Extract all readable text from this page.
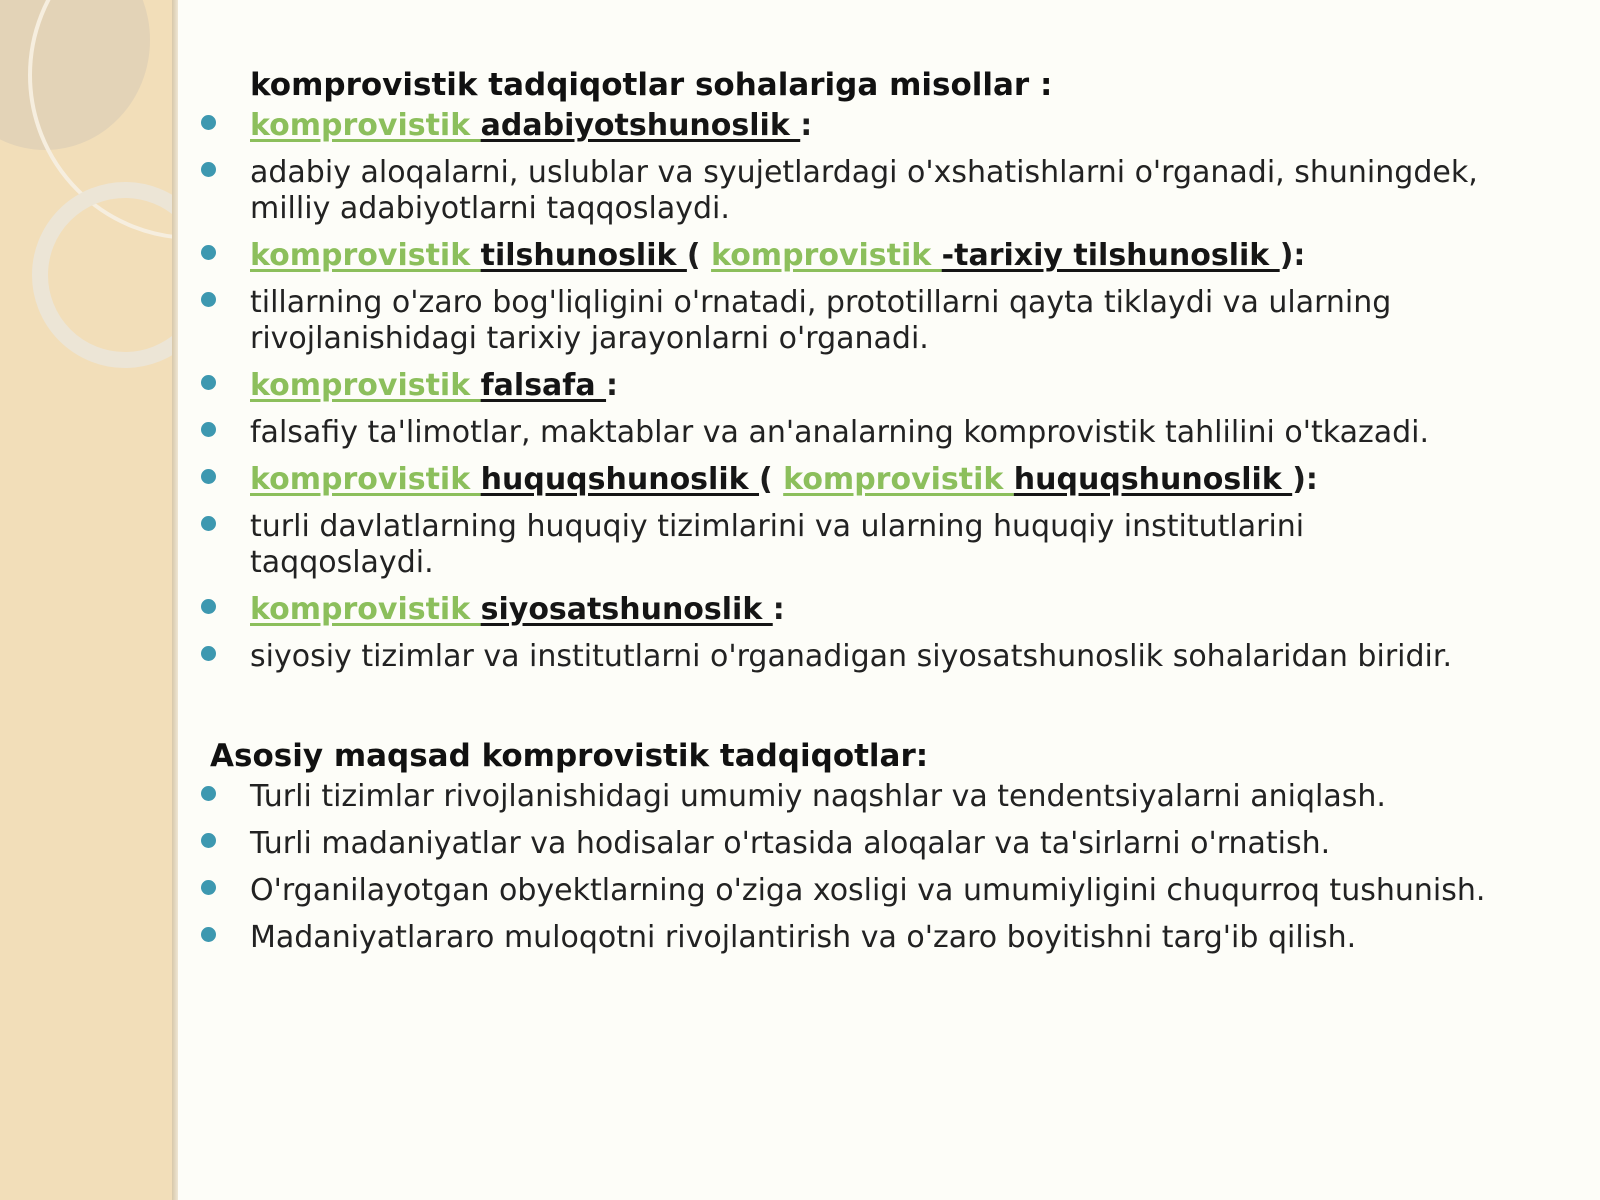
komprovistik tadqiqotlar sohalariga misollar :
komprovistik adabiyotshunoslik :
adabiy aloqalarni, uslublar va syujetlardagi o'xshatishlarni o'rganadi, shuningdek, milliy adabiyotlarni taqqoslaydi.
komprovistik tilshunoslik ( komprovistik -tarixiy tilshunoslik ):
tillarning o'zaro bog'liqligini o'rnatadi, prototillarni qayta tiklaydi va ularning rivojlanishidagi tarixiy jarayonlarni o'rganadi.
komprovistik falsafa :
falsafiy ta'limotlar, maktablar va an'analarning komprovistik tahlilini o'tkazadi.
komprovistik huquqshunoslik ( komprovistik huquqshunoslik ):
turli davlatlarning huquqiy tizimlarini va ularning huquqiy institutlarini taqqoslaydi.
komprovistik siyosatshunoslik :
siyosiy tizimlar va institutlarni o'rganadigan siyosatshunoslik sohalaridan biridir.
Asosiy maqsad komprovistik tadqiqotlar:
Turli tizimlar rivojlanishidagi umumiy naqshlar va tendentsiyalarni aniqlash.
Turli madaniyatlar va hodisalar o'rtasida aloqalar va ta'sirlarni o'rnatish.
O'rganilayotgan obyektlarning o'ziga xosligi va umumiyligini chuqurroq tushunish.
Madaniyatlararo muloqotni rivojlantirish va o'zaro boyitishni targ'ib qilish.
